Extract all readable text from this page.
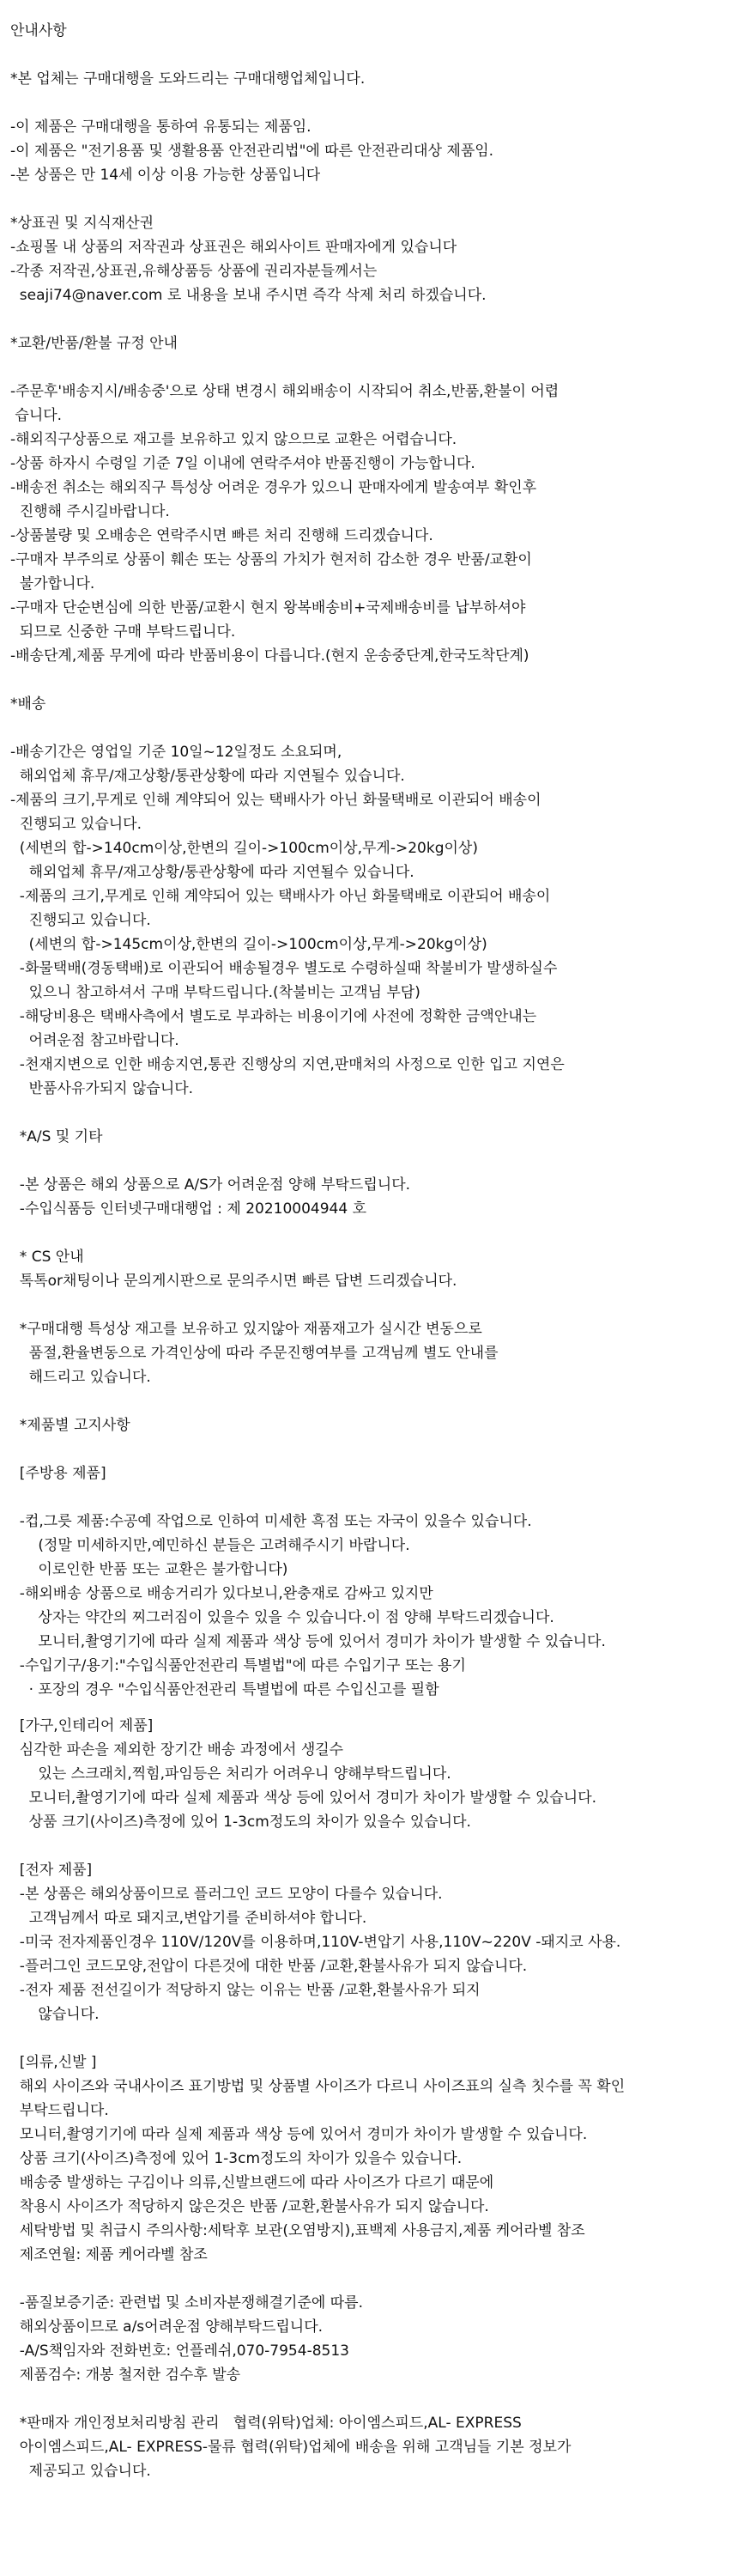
안내사항
*본 업체는 구매대행을 도와드리는 구매대행업체입니다.
-이 제품은 구매대행을 통하여 유통되는 제품임.
-이 제품은 "전기용품 및 생활용품 안전관리법"에 따른 안전관리대상 제품임.
-본 상품은 만 14세 이상 이용 가능한 상품입니다
*상표권 및 지식재산권
-쇼핑몰 내 상품의 저작권과 상표권은 해외사이트 판매자에게 있습니다
-각종 저작권,상표권,유해상품등 상품에 권리자분들께서는
seaji74@naver.com 로 내용을 보내 주시면 즉각 삭제 처리 하겠습니다.
*교환/반품/환불 규정 안내
-주문후'배송지시/배송중'으로 상태 변경시 해외배송이 시작되어 취소,반품,환불이 어렵
습니다.
-해외직구상품으로 재고를 보유하고 있지 않으므로 교환은 어렵습니다.
-상품 하자시 수령일 기준 7일 이내에 연락주셔야 반품진행이 가능합니다.
-배송전 취소는 해외직구 특성상 어려운 경우가 있으니 판매자에게 발송여부 확인후
진행해 주시길바랍니다.
-상품불량 및 오배송은 연락주시면 빠른 처리 진행해 드리겠습니다.
-구매자 부주의로 상품이 훼손 또는 상품의 가치가 현저히 감소한 경우 반품/교환이
불가합니다.
-구매자 단순변심에 의한 반품/교환시 현지 왕복배송비+국제배송비를 납부하셔야
되므로 신중한 구매 부탁드립니다.
-배송단계,제품 무게에 따라 반품비용이 다릅니다.(현지 운송중단계,한국도착단계)
*배송
-배송기간은 영업일 기준 10일~12일정도 소요되며,
해외업체 휴무/재고상황/통관상황에 따라 지연될수 있습니다.
-제품의 크기,무게로 인해 계약되어 있는 택배사가 아닌 화물택배로 이관되어 배송이
진행되고 있습니다.
(세변의 합->140cm이상,한변의 길이->100cm이상,무게->20kg이상)
해외업체 휴무/재고상황/통관상황에 따라 지연될수 있습니다.
-제품의 크기,무게로 인해 계약되어 있는 택배사가 아닌 화물택배로 이관되어 배송이
진행되고 있습니다.
(세변의 합->145cm이상,한변의 길이->100cm이상,무게->20kg이상)
-화물택배(경동택배)로 이관되어 배송될경우 별도로 수령하실때 착불비가 발생하실수
있으니 참고하셔서 구매 부탁드립니다.(착불비는 고객님 부담)
-해당비용은 택배사측에서 별도로 부과하는 비용이기에 사전에 정확한 금액안내는
어려운점 참고바랍니다.
-천재지변으로 인한 배송지연,통관 진행상의 지연,판매처의 사정으로 인한 입고 지연은
반품사유가되지 않습니다.
*A/S 및 기타
-본 상품은 해외 상품으로 A/S가 어려운점 양해 부탁드립니다.
-수입식품등 인터넷구매대행업 : 제 20210004944 호
* CS 안내
톡톡or채팅이나 문의게시판으로 문의주시면 빠른 답변 드리겠습니다.
*구매대행 특성상 재고를 보유하고 있지않아 재품재고가 실시간 변동으로
품절,환율변동으로 가격인상에 따라 주문진행여부를 고객님께 별도 안내를
해드리고 있습니다.
*제품별 고지사항
[주방용 제품]
-컵,그릇 제품:수공예 작업으로 인하여 미세한 흑점 또는 자국이 있을수 있습니다.
(정말 미세하지만,예민하신 분들은 고려해주시기 바랍니다.
이로인한 반품 또는 교환은 불가합니다)
-해외배송 상품으로 배송거리가 있다보니,완충재로 감싸고 있지만
상자는 약간의 찌그러짐이 있을수 있을 수 있습니다.이 점 양해 부탁드리겠습니다.
모니터,촬영기기에 따라 실제 제품과 색상 등에 있어서 경미가 차이가 발생할 수 있습니다.
-수입기구/용기:"수입식품안전관리 특별법"에 따른 수입기구 또는 용기
· 포장의 경우 "수입식품안전관리 특별법에 따른 수입신고를 필함
[가구,인테리어 제품]
심각한 파손을 제외한 장기간 배송 과정에서 생길수
있는 스크래치,찍힘,파임등은 처리가 어려우니 양해부탁드립니다.
모니터,촬영기기에 따라 실제 제품과 색상 등에 있어서 경미가 차이가 발생할 수 있습니다.
상품 크기(사이즈)측정에 있어 1-3cm정도의 차이가 있을수 있습니다.
[전자 제품]
-본 상품은 해외상품이므로 플러그인 코드 모양이 다를수 있습니다.
고객님께서 따로 돼지코,변압기를 준비하셔야 합니다.
-미국 전자제품인경우 110V/120V를 이용하며,110V-변압기 사용,110V~220V -돼지코 사용.
-플러그인 코드모양,전압이 다른것에 대한 반품 /교환,환불사유가 되지 않습니다.
-전자 제품 전선길이가 적당하지 않는 이유는 반품 /교환,환불사유가 되지
않습니다.
[의류,신발 ]
해외 사이즈와 국내사이즈 표기방법 및 상품별 사이즈가 다르니 사이즈표의 실측 칫수를 꼭 확인
부탁드립니다.
모니터,촬영기기에 따라 실제 제품과 색상 등에 있어서 경미가 차이가 발생할 수 있습니다.
상품 크기(사이즈)측정에 있어 1-3cm정도의 차이가 있을수 있습니다.
배송중 발생하는 구김이나 의류,신발브랜드에 따라 사이즈가 다르기 때문에
착용시 사이즈가 적당하지 않은것은 반품 /교환,환불사유가 되지 않습니다.
세탁방법 및 취급시 주의사항:세탁후 보관(오염방지),표백제 사용금지,제품 케어라벨 참조
제조연월: 제품 케어라벨 참조
-품질보증기준: 관련법 및 소비자분쟁해결기준에 따름.
해외상품이므로 a/s어려운점 양해부탁드립니다.
-A/S책임자와 전화번호: 언플레쉬,070-7954-8513
제품검수: 개봉 철저한 검수후 발송
*판매자 개인정보처리방침 관리   협력(위탁)업체: 아이엠스피드,AL- EXPRESS
아이엠스피드,AL- EXPRESS-물류 협력(위탁)업체에 배송을 위해 고객님들 기본 정보가
제공되고 있습니다.
